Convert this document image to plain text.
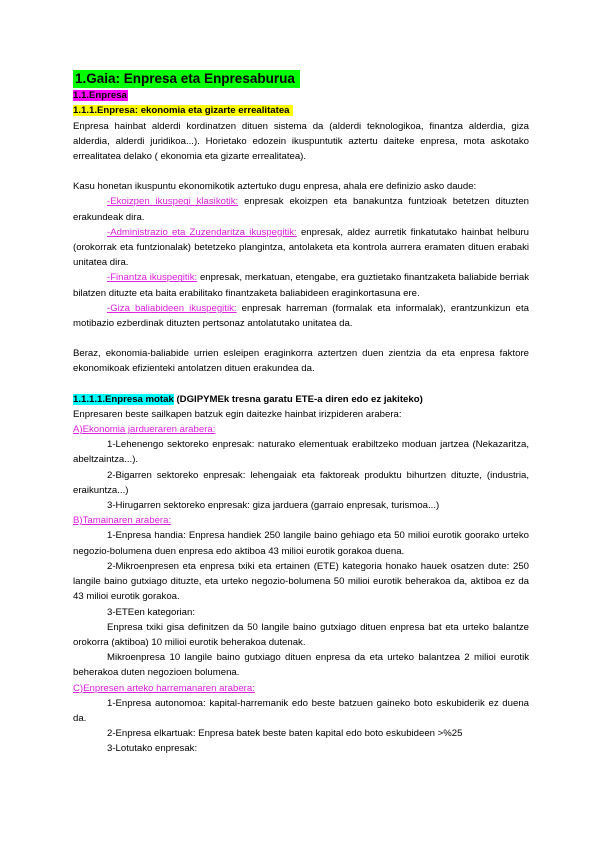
1.Gaia: Enpresa eta Enpresaburua
1.1.Enpresa
1.1.1.Enpresa: ekonomia eta gizarte errealitatea

Enpresa hainbat alderdi kordinatzen dituen sistema da (alderdi teknologikoa, finantza alderdia, giza alderdia, alderdi juridikoa...). Horietako edozein ikuspuntutik aztertu daiteke enpresa, mota askotako errealitatea delako ( ekonomia eta gizarte errealitatea).

Kasu honetan ikuspuntu ekonomikotik aztertuko dugu enpresa, ahala ere definizio asko daude:

-Ekoizpen ikuspegi klasikotik: enpresak ekoizpen eta banakuntza funtzioak betetzen dituzten erakundeak dira.

-Administrazio eta Zuzendaritza ikuspegitik: enpresak, aldez aurretik finkatutako hainbat helburu (orokorrak eta funtzionalak) betetzeko plangintza, antolaketa eta kontrola aurrera eramaten dituen erabaki unitatea dira.

-Finantza ikuspegitik: enpresak, merkatuan, etengabe, era guztietako finantzaketa baliabide berriak bilatzen dituzte eta baita erabilitako finantzaketa baliabideen eraginkortasuna ere.

-Giza baliabideen ikuspegitik: enpresak harreman (formalak eta informalak), erantzunkizun eta motibazio ezberdinak dituzten pertsonaz antolatutako unitatea da.

Beraz, ekonomia-baliabide urrien esleipen eraginkorra aztertzen duen zientzia da eta enpresa faktore ekonomikoak efizienteki antolatzen dituen erakundea da.

1.1.1.1.Enpresa motak (DGIPYMEk tresna garatu ETE-a diren edo ez jakiteko)

Enpresaren beste sailkapen batzuk egin daitezke hainbat irizpideren arabera:

A)Ekonomia jardueraren arabera:

1-Lehenengo sektoreko enpresak: naturako elementuak erabiltzeko moduan jartzea (Nekazaritza, abeltzaintza...).

2-Bigarren sektoreko enpresak: lehengaiak eta faktoreak produktu bihurtzen dituzte, (industria, eraikuntza...)

3-Hirugarren sektoreko enpresak: giza jarduera (garraio enpresak, turismoa...)

B)Tamainaren arabera:

1-Enpresa handia: Enpresa handiek 250 langile baino gehiago eta 50 milioi eurotik goorako urteko negozio-bolumena duen enpresa edo aktiboa 43 milioi eurotik gorakoa duena.

2-Mikroenpresen eta enpresa txiki eta ertainen (ETE) kategoria honako hauek osatzen dute: 250 langile baino gutxiago dituzte, eta urteko negozio-bolumena 50 milioi eurotik beherakoa da, aktiboa ez da 43 milioi eurotik gorakoa.

3-ETEen kategorian:

Enpresa txiki gisa definitzen da 50 langile baino gutxiago dituen enpresa bat eta urteko balantze orokorra (aktiboa) 10 milioi eurotik beherakoa dutenak.

Mikroenpresa 10 langile baino gutxiago dituen enpresa da eta urteko balantzea 2 milioi eurotik beherakoa duten negozioen bolumena.

C)Enpresen arteko harremanaren arabera:

1-Enpresa autonomoa: kapital-harremanik edo beste batzuen gaineko boto eskubiderik ez duena da.

2-Enpresa elkartuak: Enpresa batek beste baten kapital edo boto eskubideen >%25

3-Lotutako enpresak:
